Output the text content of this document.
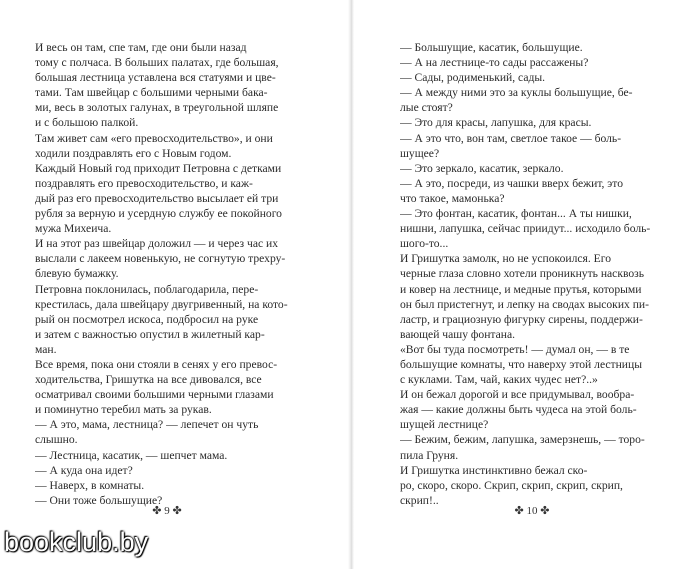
И весь он там, спе там, где они были назад
тому с полчаса. В больших палатах, где большая,
большая лестница уставлена вся статуями и цве-
тами. Там швейцар с большими черными бака-
ми, весь в золотых галунах, в треугольной шляпе
и с большою палкой.
Там живет сам «его превосходительство», и они
ходили поздравлять его с Новым годом.
Каждый Новый год приходит Петровна с детками
поздравлять его превосходительство, и каж-
дый раз его превосходительство высылает ей три
рубля за верную и усердную службу ее покойного
мужа Михеича.
И на этот раз швейцар доложил — и через час их
выслали с лакеем новенькую, не согнутую трехру-
блевую бумажку.
Петровна поклонилась, поблагодарила, пере-
крестилась, дала швейцару двугривенный, на кото-
рый он посмотрел искоса, подбросил на руке
и затем с важностью опустил в жилетный кар-
ман.
Все время, пока они стояли в сенях у его превос-
ходительства, Гришутка на все дивовался, все
осматривал своими большими черными глазами
и поминутно теребил мать за рукав.
— А это, мама, лестница? — лепечет он чуть
слышно.
— Лестница, касатик, — шепчет мама.
— А куда она идет?
— Наверх, в комнаты.
— Они тоже большущие?
✤ 9 ✤
— Большущие, касатик, большущие.
— А на лестнице-то сады рассажены?
— Сады, родименький, сады.
— А между ними это за куклы большущие, бе-
лые стоят?
— Это для красы, лапушка, для красы.
— А это что, вон там, светлое такое — боль-
шущее?
— Это зеркало, касатик, зеркало.
— А это, посреди, из чашки вверх бежит, это
что такое, мамонька?
— Это фонтан, касатик, фонтан... А ты нишки,
нишни, лапушка, сейчас приидут... исходило боль-
шого-то...
И Гришутка замолк, но не успокоился. Его
черные глаза словно хотели проникнуть насквозь
и ковер на лестнице, и медные прутья, которыми
он был пристегнут, и лепку на сводах высоких пи-
ластр, и грациозную фигурку сирены, поддержи-
вающей чашу фонтана.
«Вот бы туда посмотреть! — думал он, — в те
большущие комнаты, что наверху этой лестницы
с куклами. Там, чай, каких чудес нет?..»
И он бежал дорогой и все придумывал, вообра-
жая — какие должны быть чудеса на этой боль-
шущей лестнице?
— Бежим, бежим, лапушка, замерзнешь, — торо-
пила Груня.
И Гришутка инстинктивно бежал ско-
ро, скоро, скоро. Скрип, скрип, скрип, скрип,
скрип!..
✤ 10 ✤
bookclub.by
